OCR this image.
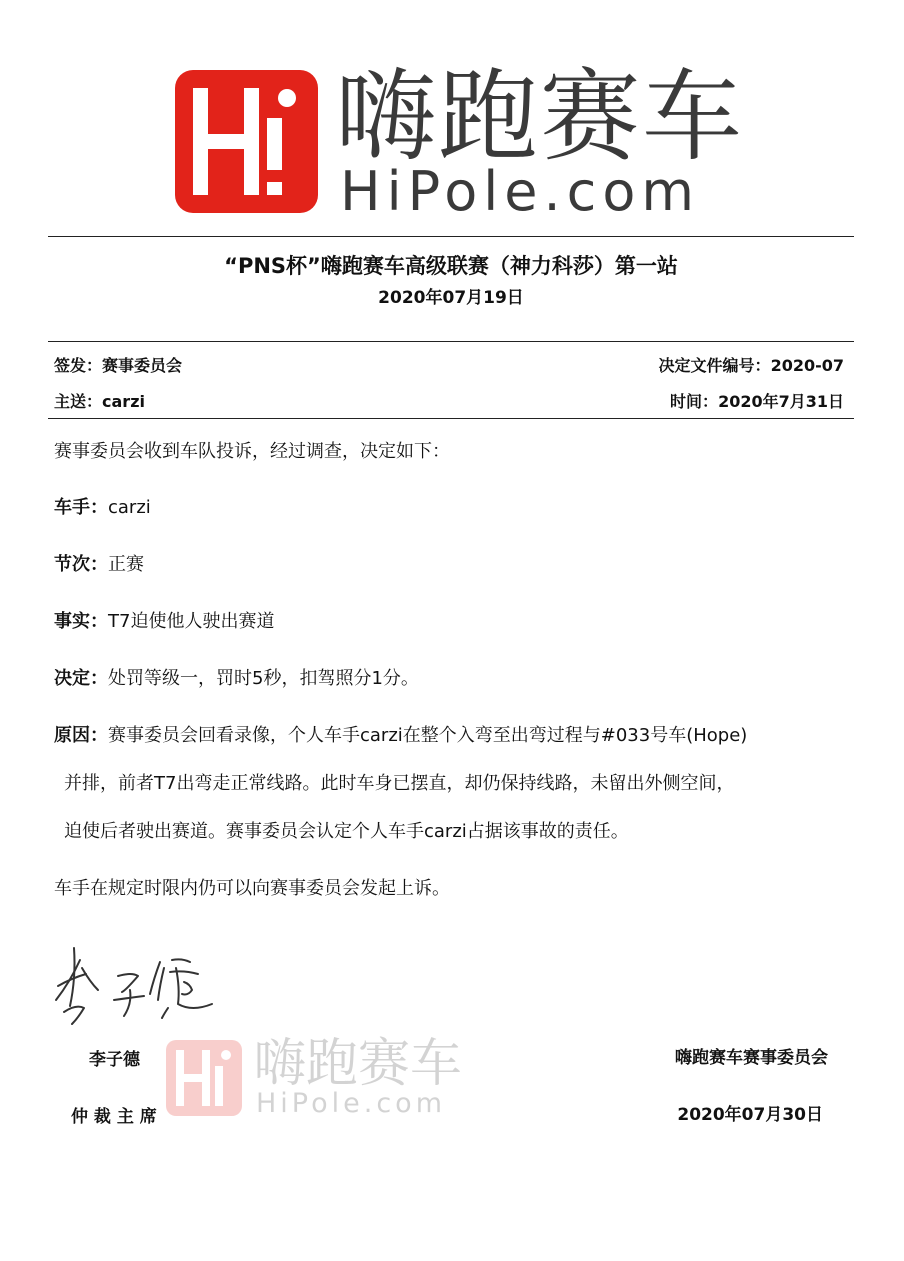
嗨跑赛车
HiPole.com
“PNS杯”嗨跑赛车高级联赛（神力科莎）第一站
2020年07月19日
签发：赛事委员会	决定文件编号：2020-07
主送：carzi	时间：2020年7月31日
赛事委员会收到车队投诉，经过调查，决定如下：
车手：carzi
节次：正赛
事实：T7迫使他人驶出赛道
决定：处罚等级一，罚时5秒，扣驾照分1分。
原因：赛事委员会回看录像，个人车手carzi在整个入弯至出弯过程与#033号车(Hope)
并排，前者T7出弯走正常线路。此时车身已摆直，却仍保持线路，未留出外侧空间，
迫使后者驶出赛道。赛事委员会认定个人车手carzi占据该事故的责任。
车手在规定时限内仍可以向赛事委员会发起上诉。
嗨跑赛车
HiPole.com
李子德
仲 裁 主 席
嗨跑赛车赛事委员会
2020年07月30日
